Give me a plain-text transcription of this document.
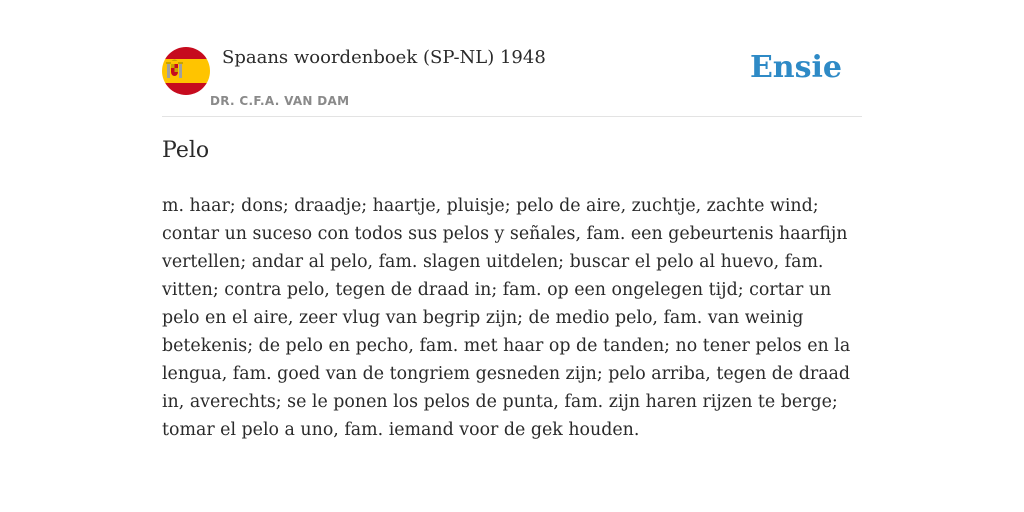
Spaans woordenboek (SP-NL) 1948
DR. C.F.A. VAN DAM
Ensie
Pelo

m. haar; dons; draadje; haartje, pluisje; pelo de aire, zuchtje, zachte wind; contar un suceso con todos sus pelos y señales, fam. een gebeurtenis haarfijn vertellen; andar al pelo, fam. slagen uitdelen; buscar el pelo al huevo, fam. vitten; contra pelo, tegen de draad in; fam. op een ongelegen tijd; cortar un pelo en el aire, zeer vlug van begrip zijn; de medio pelo, fam. van weinig betekenis; de pelo en pecho, fam. met haar op de tanden; no tener pelos en la lengua, fam. goed van de tongriem gesneden zijn; pelo arriba, tegen de draad in, averechts; se le ponen los pelos de punta, fam. zijn haren rijzen te berge; tomar el pelo a uno, fam. iemand voor de gek houden.
